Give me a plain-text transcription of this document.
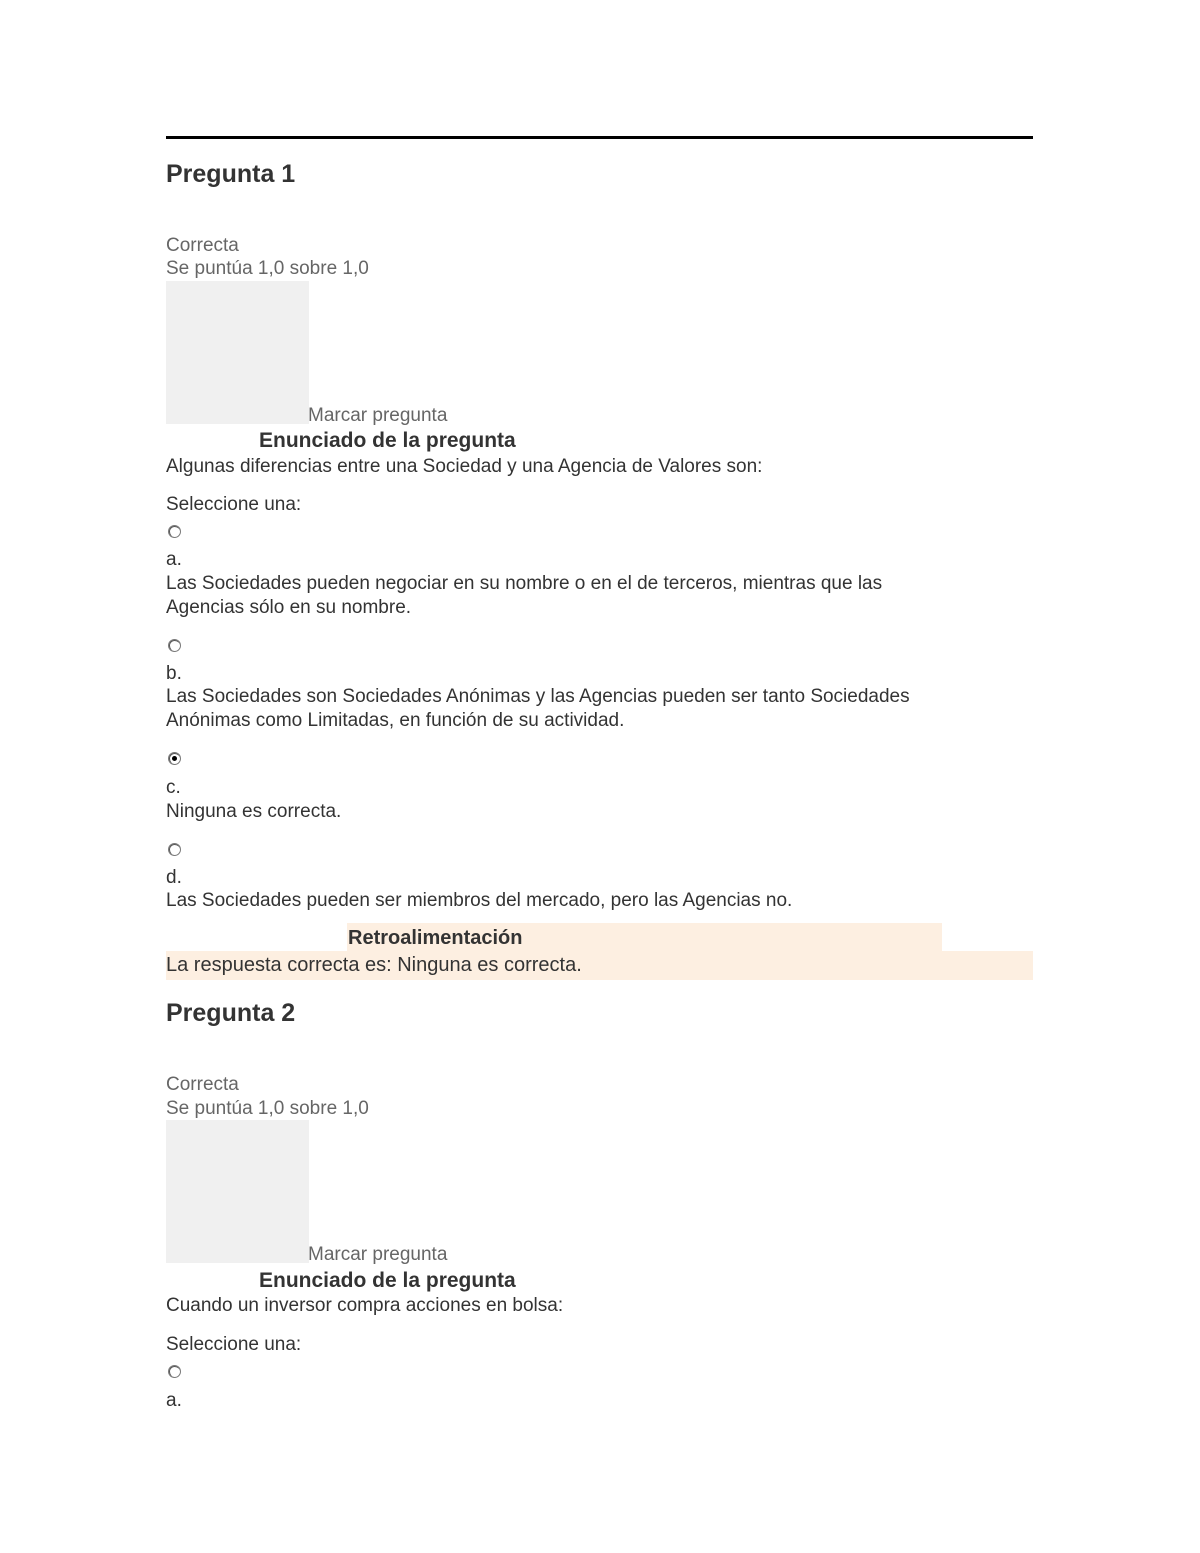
Pregunta 1
Correcta
Se puntúa 1,0 sobre 1,0
Marcar pregunta
Enunciado de la pregunta
Algunas diferencias entre una Sociedad y una Agencia de Valores son:
Seleccione una:
a.
Las Sociedades pueden negociar en su nombre o en el de terceros, mientras que las
Agencias sólo en su nombre.
b.
Las Sociedades son Sociedades Anónimas y las Agencias pueden ser tanto Sociedades
Anónimas como Limitadas, en función de su actividad.
c.
Ninguna es correcta.
d.
Las Sociedades pueden ser miembros del mercado, pero las Agencias no.
Retroalimentación
La respuesta correcta es: Ninguna es correcta.
Pregunta 2
Correcta
Se puntúa 1,0 sobre 1,0
Marcar pregunta
Enunciado de la pregunta
Cuando un inversor compra acciones en bolsa:
Seleccione una:
a.
